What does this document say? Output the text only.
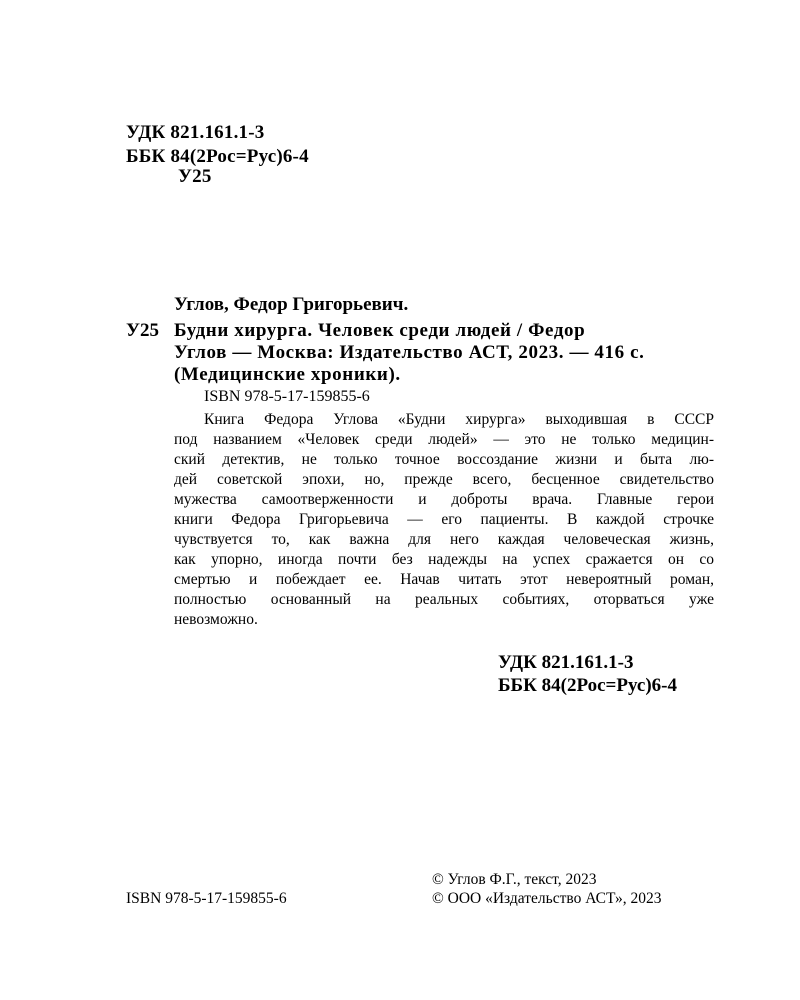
УДК 821.161.1-3
ББК 84(2Рос=Рус)6-4
У25
Углов, Федор Григорьевич.
У25 Будни хирурга. Человек среди людей / Федор
Углов — Москва: Издательство АСТ, 2023. — 416 с.
(Медицинские хроники).
ISBN 978-5-17-159855-6
Книга Федора Углова «Будни хирурга» выходившая в СССР
под названием «Человек среди людей» — это не только медицин-
ский детектив, не только точное воссоздание жизни и быта лю-
дей советской эпохи, но, прежде всего, бесценное свидетельство
мужества самоотверженности и доброты врача. Главные герои
книги Федора Григорьевича — его пациенты. В каждой строчке
чувствуется то, как важна для него каждая человеческая жизнь,
как упорно, иногда почти без надежды на успех сражается он со
смертью и побеждает ее. Начав читать этот невероятный роман,
полностью основанный на реальных событиях, оторваться уже
невозможно.
УДК 821.161.1-3
ББК 84(2Рос=Рус)6-4
© Углов Ф.Г., текст, 2023
© ООО «Издательство АСТ», 2023
ISBN 978-5-17-159855-6
